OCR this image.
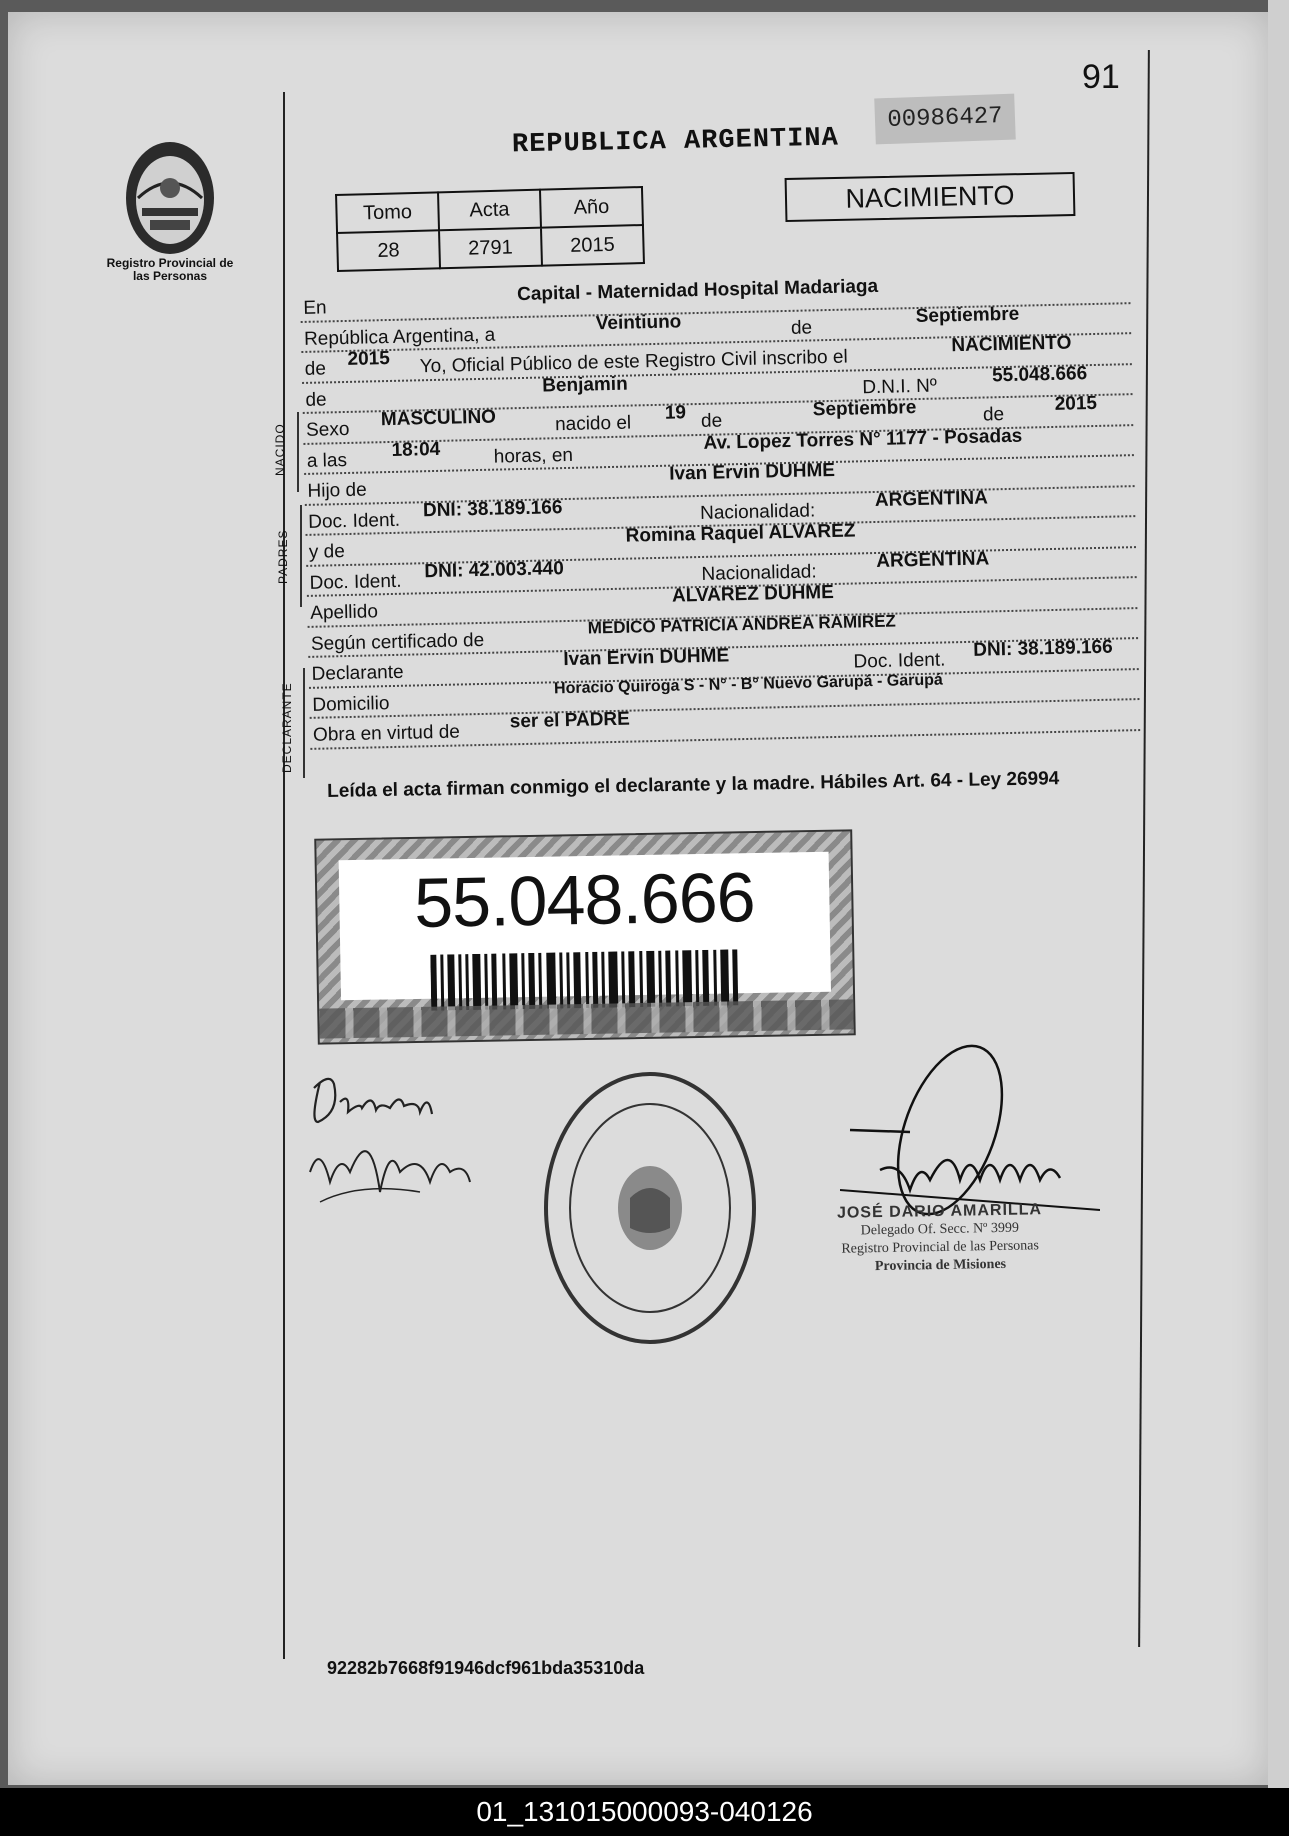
91
Registro Provincial de las Personas
REPUBLICA ARGENTINA
00986427
NACIMIENTO
Tomo	Acta	Año
28	2791	2015
En
Capital - Maternidad Hospital Madariaga
República Argentina, a
Veintiuno	de
Septiembre
de 2015 Yo, Oficial Público de este Registro Civil inscribo el
NACIMIENTO
de
Benjamin	D.N.I. Nº
55.048.666
Sexo MASCULINO	nacido el 19 de
Septiembre	de	2015
a las 18:04	horas, en
Av. Lopez Torres N° 1177 - Posadas
Hijo de
Ivan Ervin DUHME
Doc. Ident.
DNI: 38.189.166	Nacionalidad:
ARGENTINA
y de
Romina Raquel ALVAREZ
Doc. Ident.
DNI: 42.003.440	Nacionalidad:
ARGENTINA
Apellido
ALVAREZ DUHME
Según certificado de
MEDICO PATRICIA ANDREA RAMIREZ
Declarante
Ivan Ervin DUHME	Doc. Ident.
DNI: 38.189.166
Domicilio
Horacio Quiroga S - N° - B° Nuevo Garupá - Garupá
Obra en virtud de
ser el PADRE
NACIDO
PADRES
DECLARANTE
Leída el acta firman conmigo el declarante y la madre. Hábiles Art. 64 - Ley 26994
55.048.666
JOSÉ DARIO AMARILLA
Delegado Of. Secc. Nº 3999
Registro Provincial de las Personas
Provincia de Misiones
92282b7668f91946dcf961bda35310da
01_131015000093-040126
